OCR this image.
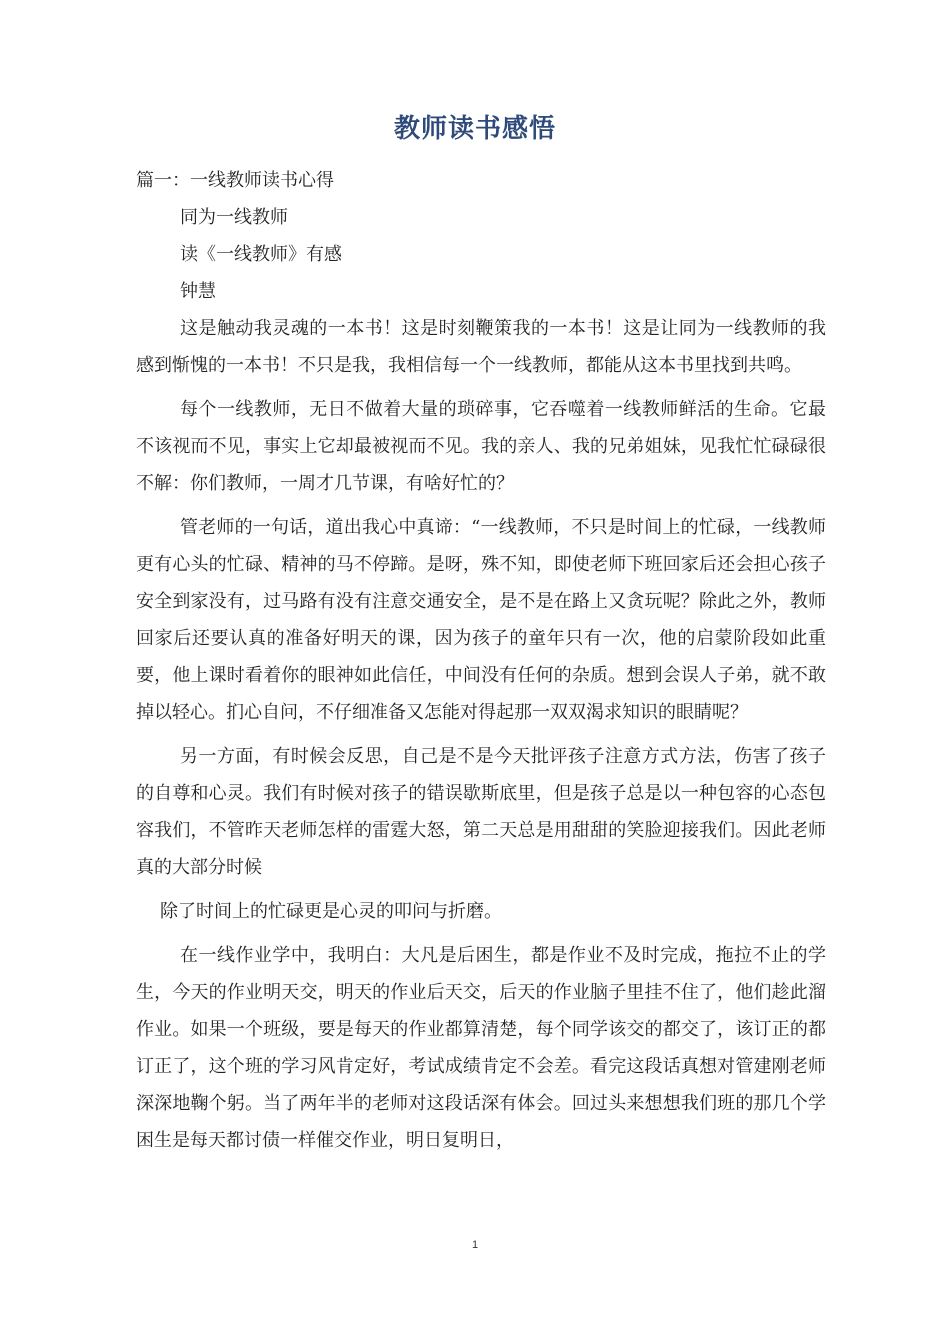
教师读书感悟
篇一：一线教师读书心得
同为一线教师
读《一线教师》有感
钟慧

这是触动我灵魂的一本书！这是时刻鞭策我的一本书！这是让同为一线教师的我感到惭愧的一本书！不只是我，我相信每一个一线教师，都能从这本书里找到共鸣。

每个一线教师，无日不做着大量的琐碎事，它吞噬着一线教师鲜活的生命。它最不该视而不见，事实上它却最被视而不见。我的亲人、我的兄弟姐妹，见我忙忙碌碌很不解：你们教师，一周才几节课，有啥好忙的？

管老师的一句话，道出我心中真谛：“一线教师，不只是时间上的忙碌，一线教师更有心头的忙碌、精神的马不停蹄。是呀，殊不知，即使老师下班回家后还会担心孩子安全到家没有，过马路有没有注意交通安全，是不是在路上又贪玩呢？除此之外，教师回家后还要认真的准备好明天的课，因为孩子的童年只有一次，他的启蒙阶段如此重要，他上课时看着你的眼神如此信任，中间没有任何的杂质。想到会误人子弟，就不敢掉以轻心。扪心自问，不仔细准备又怎能对得起那一双双渴求知识的眼睛呢？

另一方面，有时候会反思，自己是不是今天批评孩子注意方式方法，伤害了孩子的自尊和心灵。我们有时候对孩子的错误歇斯底里，但是孩子总是以一种包容的心态包容我们，不管昨天老师怎样的雷霆大怒，第二天总是用甜甜的笑脸迎接我们。因此老师真的大部分时候

除了时间上的忙碌更是心灵的叩问与折磨。

在一线作业学中，我明白：大凡是后困生，都是作业不及时完成，拖拉不止的学生，今天的作业明天交，明天的作业后天交，后天的作业脑子里挂不住了，他们趁此溜作业。如果一个班级，要是每天的作业都算清楚，每个同学该交的都交了，该订正的都订正了，这个班的学习风肯定好，考试成绩肯定不会差。看完这段话真想对管建刚老师深深地鞠个躬。当了两年半的老师对这段话深有体会。回过头来想想我们班的那几个学困生是每天都讨债一样催交作业，明日复明日，

1
